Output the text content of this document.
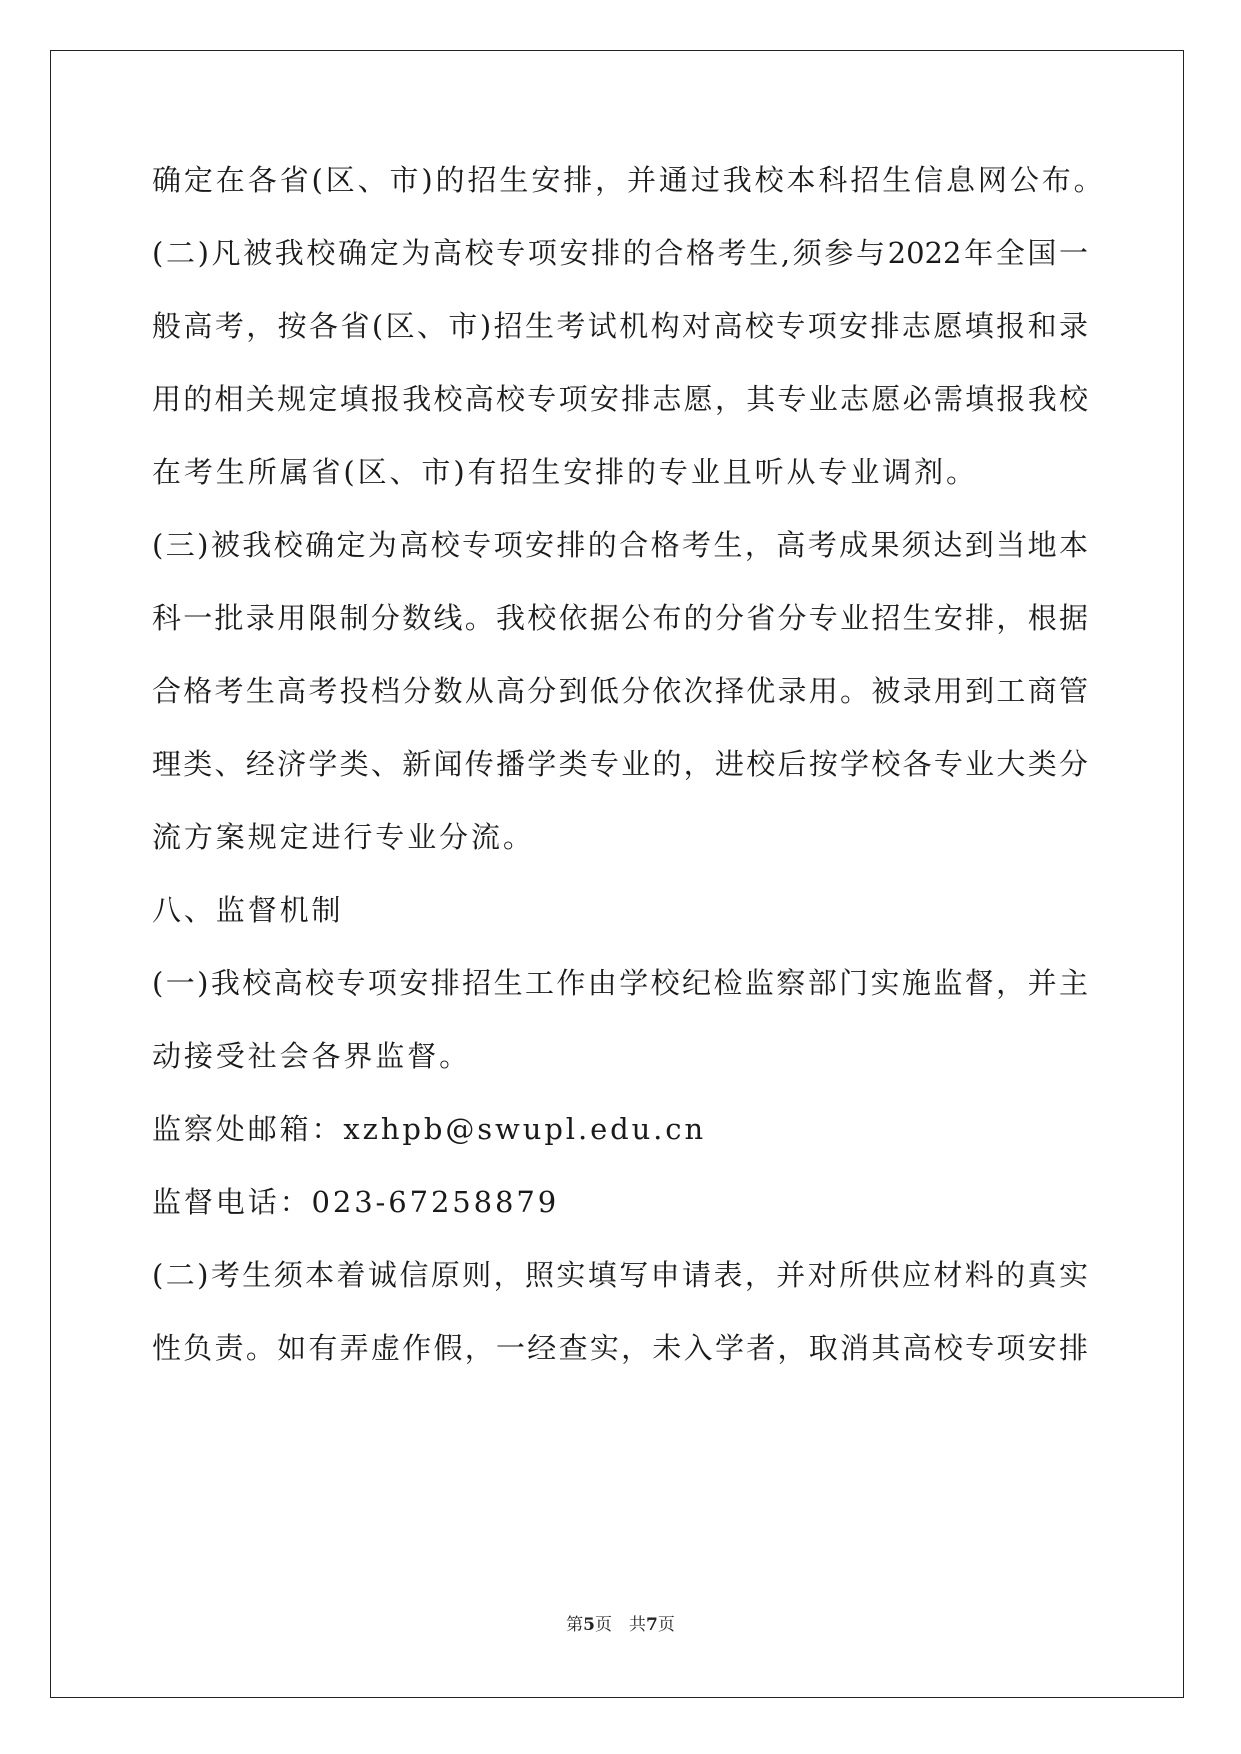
确定在各省(区、市)的招生安排，并通过我校本科招生信息网公布。
(二)凡被我校确定为高校专项安排的合格考生,须参与2022年全国一
般高考，按各省(区、市)招生考试机构对高校专项安排志愿填报和录
用的相关规定填报我校高校专项安排志愿，其专业志愿必需填报我校
在考生所属省(区、市)有招生安排的专业且听从专业调剂。
(三)被我校确定为高校专项安排的合格考生，高考成果须达到当地本
科一批录用限制分数线。我校依据公布的分省分专业招生安排，根据
合格考生高考投档分数从高分到低分依次择优录用。被录用到工商管
理类、经济学类、新闻传播学类专业的，进校后按学校各专业大类分
流方案规定进行专业分流。
八、监督机制
(一)我校高校专项安排招生工作由学校纪检监察部门实施监督，并主
动接受社会各界监督。
监察处邮箱：xzhpb@swupl.edu.cn
监督电话：023-67258879
(二)考生须本着诚信原则，照实填写申请表，并对所供应材料的真实
性负责。如有弄虚作假，一经查实，未入学者，取消其高校专项安排
第5页　共7页
